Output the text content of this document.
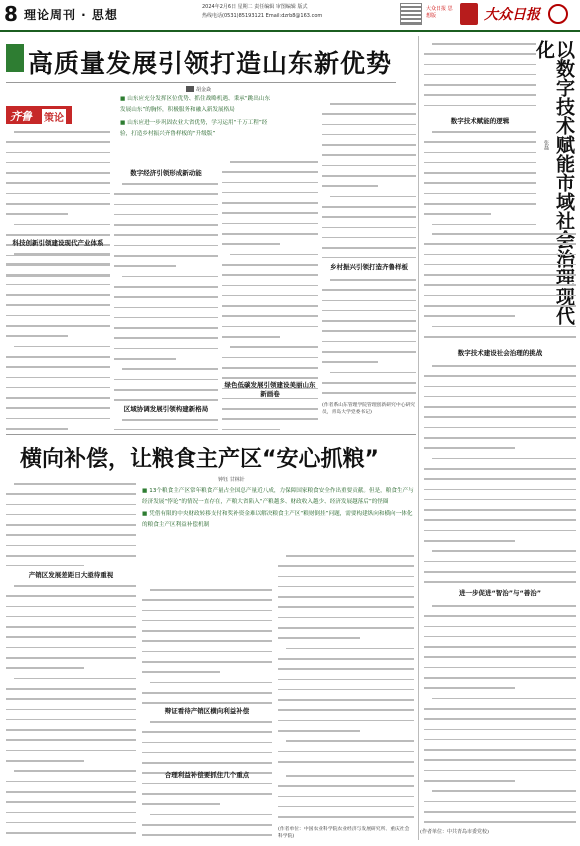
8 理论周刊 · 思想
2024年2月6日 星期二 责任编辑 审图编辑 版式
热线电话(0531)85193121 Email:dzrb8@163.com
大众日报 思想版	大众日报
高质量发展引领打造山东新优势
胡金焱
齐鲁 策论

■ 山东应充分发挥区位优势、抓住战略机遇、秉承“跳出山东发展山东”的胸怀，积极服务和融入新发展格局

■ 山东应进一步巩固农业大省优势，学习运用“千万工程”经验，打造乡村振兴齐鲁样板的“升级版”

科技创新引领建设现代产业体系
数字经济引领形成新动能
区域协调发展引领构建新格局
乡村振兴引领打造齐鲁样板
绿色低碳发展引领建设美丽山东新画卷
(作者系山东管理学院管理创新研究中心研究员，青岛大学党委书记)
以数字技术赋能市域社会治理现代化
张磊
数字技术赋能的逻辑
数字技术建设社会治理的挑战
进一步促进“智治”与“善治”
(作者单位：中共青岛市委党校)
横向补偿，让粮食主产区“安心抓粮”
钟钰 甘林针

■ 13个粮食主产区常年粮食产量占全国总产量近八成，力保障国家粮食安全作出重要贡献。但是，粮食生产与经济发展“悖论”的情况一直存在，产粮大省陷入“产粮越多、财政收入越少、经济发展越落后”的怪圈

■ 凭借有限的中央财政转移支付和奖补资金难以解决粮食主产区“粮财倒挂”问题，需要构建纵向和横向一体化的粮食主产区利益补偿机制

产销区发展差距日大亟待重视
辩证看待产销区横向利益补偿
合理利益补偿要抓住几个重点
(作者单位：中国农业科学院农业经济与发展研究所、重庆社会科学院)
